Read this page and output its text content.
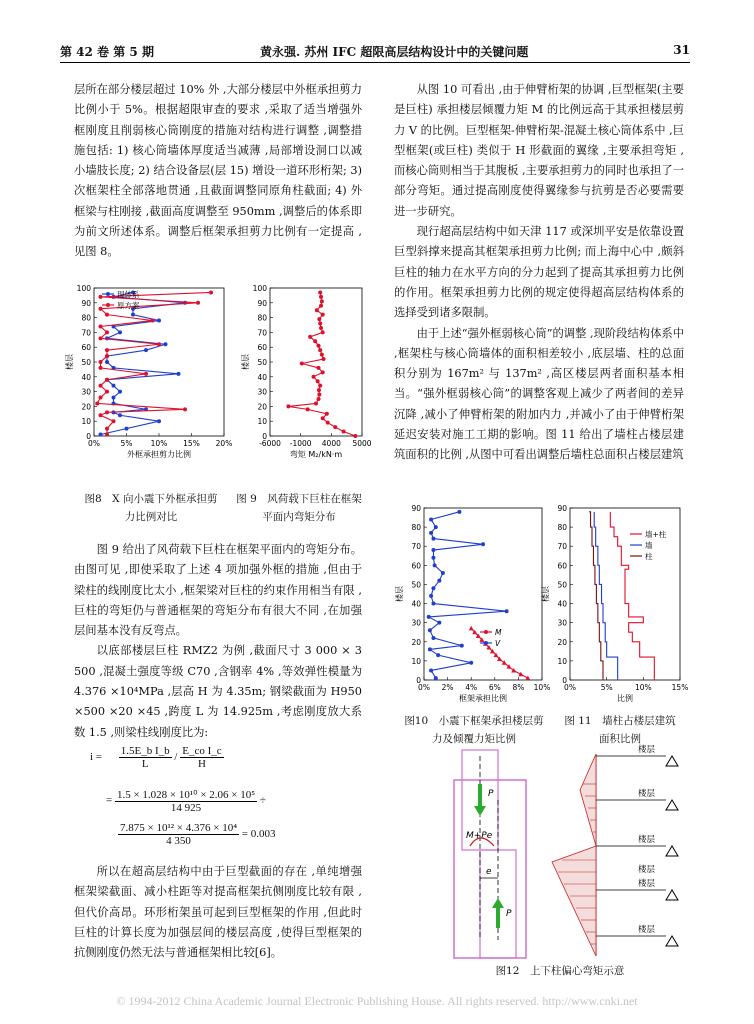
第 42 卷 第 5 期	黄永强. 苏州 IFC 超限高层结构设计中的关键问题	31

层所在部分楼层超过 10% 外 ,大部分楼层中外框承担剪力比例小于 5%。根据超限审查的要求 ,采取了适当增强外框刚度且削弱核心筒刚度的措施对结构进行调整 ,调整措施包括: 1) 核心筒墙体厚度适当减薄 ,局部增设洞口以减小墙肢长度; 2) 结合设备层(层 15) 增设一道环形桁架; 3) 次框架柱全部落地贯通 ,且截面调整同原角柱截面; 4) 外框梁与柱刚接 ,截面高度调整至 950mm ,调整后的体系即为前文所述体系。调整后框架承担剪力比例有一定提高 ,见图 8。

0
10
20
30
40
50
60
70
80
90
100
0%	5% 10% 15% 20%
楼层
外框承担剪力比例
现体系
原方案
0
10
20
30
40
50
60
70
80
90
100
-6000 -1000 4000 5000
楼层
弯矩 M₂/kN·m
图8　X 向小震下外框承担剪力比例对比
图 9　风荷载下巨柱在框架平面内弯矩分布

图 9 给出了风荷载下巨柱在框架平面内的弯矩分布。由图可见 ,即使采取了上述 4 项加强外框的措施 ,但由于梁柱的线刚度比太小 ,框架梁对巨柱的约束作用相当有限 ,巨柱的弯矩仍与普通框架的弯矩分布有很大不同 ,在加强层间基本没有反弯点。

以底部楼层巨柱 RMZ2 为例 ,截面尺寸 3 000 × 3 500 ,混凝土强度等级 C70 ,含钢率 4% ,等效弹性模量为 4.376 ×10⁴MPa ,层高 H 为 4.35m; 钢梁截面为 H950 ×500 ×20 ×45 ,跨度 L 为 14.925m ,考虑刚度放大系数 1.5 ,则梁柱线刚度比为:

$i = \frac{\text{1.5E\_b I\_b}}{L} / \frac{\text{E\_co I\_c}}{H}$
= $\frac{\text{1.5 × 1.028 × 10¹⁰ × 2.06 × 10⁵}}{14 925}$ ÷
$\frac{\text{7.875 × 10¹² × 4.376 × 10⁴}}{4 350} = 0.003$

所以在超高层结构中由于巨型截面的存在 ,单纯增强框架梁截面、减小柱距等对提高框架抗侧刚度比较有限 ,但代价高昂。环形桁架虽可起到巨型框架的作用 ,但此时巨柱的计算长度为加强层间的楼层高度 ,使得巨型框架的抗侧刚度仍然无法与普通框架相比较[6]。

从图 10 可看出 ,由于伸臂桁架的协调 ,巨型框架(主要是巨柱) 承担楼层倾覆力矩 M 的比例远高于其承担楼层剪力 V 的比例。巨型框架-伸臂桁架-混凝土核心筒体系中 ,巨型框架(或巨柱) 类似于 H 形截面的翼缘 ,主要承担弯矩 ,而核心筒则相当于其腹板 ,主要承担剪力的同时也承担了一部分弯矩。通过提高刚度使得翼缘参与抗剪是否必要需要进一步研究。

现行超高层结构中如天津 117 或深圳平安是依靠设置巨型斜撑来提高其框架承担剪力比例; 而上海中心中 ,颇斜巨柱的轴力在水平方向的分力起到了提高其承担剪力比例的作用。框架承担剪力比例的规定使得超高层结构体系的选择受到诸多限制。

由于上述“强外框弱核心筒”的调整 ,现阶段结构体系中 ,框架柱与核心筒墙体的面积相差较小 ,底层墙、柱的总面积分别为 167m² 与 137m² ,高区楼层两者面积基本相当。“强外框弱核心筒”的调整客观上减少了两者间的差异沉降 ,减小了伸臂桁架的附加内力 ,并减小了由于伸臂桁架延迟安装对施工工期的影响。图 11 给出了墙柱占楼层建筑面积的比例 ,从图中可看出调整后墙柱总面积占楼层建筑

0
10
20
30
40
50
60
70
80
90
0% 2% 4% 6% 8% 10%
楼层
框架承担比例
M
V
0
10
20
30
40
50
60
70
80
90
0%	5%	10%	15%
楼层
比例
墙+柱
墙
柱
图10　小震下框架承担楼层剪力及倾覆力矩比例
图 11　墙柱占楼层建筑面积比例
P
M+Pe
e
P
楼层
楼层
楼层
楼层
楼层
楼层
图12　上下柱偏心弯矩示意
© 1994-2012 China Academic Journal Electronic Publishing House. All rights reserved. http://www.cnki.net
